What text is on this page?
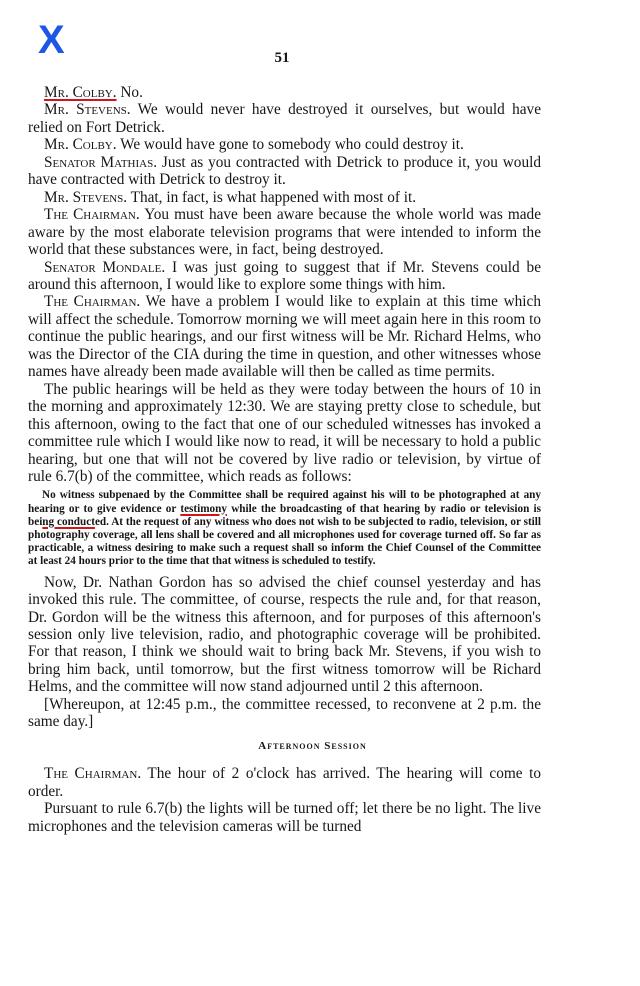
X	51

Mr. Colby. No.

Mr. Stevens. We would never have destroyed it ourselves, but would have relied on Fort Detrick.

Mr. Colby. We would have gone to somebody who could destroy it.

Senator Mathias. Just as you contracted with Detrick to produce it, you would have contracted with Detrick to destroy it.

Mr. Stevens. That, in fact, is what happened with most of it.

The Chairman. You must have been aware because the whole world was made aware by the most elaborate television programs that were intended to inform the world that these substances were, in fact, being destroyed.

Senator Mondale. I was just going to suggest that if Mr. Stevens could be around this afternoon, I would like to explore some things with him.

The Chairman. We have a problem I would like to explain at this time which will affect the schedule. Tomorrow morning we will meet again here in this room to continue the public hearings, and our first witness will be Mr. Richard Helms, who was the Director of the CIA during the time in question, and other witnesses whose names have already been made available will then be called as time permits.

The public hearings will be held as they were today between the hours of 10 in the morning and approximately 12:30. We are staying pretty close to schedule, but this afternoon, owing to the fact that one of our scheduled witnesses has invoked a committee rule which I would like now to read, it will be necessary to hold a public hearing, but one that will not be covered by live radio or television, by virtue of rule 6.7(b) of the committee, which reads as follows:

No witness subpenaed by the Committee shall be required against his will to be photographed at any hearing or to give evidence or testimony while the broadcasting of that hearing by radio or television is being conducted. At the request of any witness who does not wish to be subjected to radio, television, or still photography coverage, all lens shall be covered and all microphones used for coverage turned off. So far as practicable, a witness desiring to make such a request shall so inform the Chief Counsel of the Committee at least 24 hours prior to the time that that witness is scheduled to testify.

Now, Dr. Nathan Gordon has so advised the chief counsel yesterday and has invoked this rule. The committee, of course, respects the rule and, for that reason, Dr. Gordon will be the witness this afternoon, and for purposes of this afternoon's session only live television, radio, and photographic coverage will be prohibited. For that reason, I think we should wait to bring back Mr. Stevens, if you wish to bring him back, until tomorrow, but the first witness tomorrow will be Richard Helms, and the committee will now stand adjourned until 2 this afternoon.

[Whereupon, at 12:45 p.m., the committee recessed, to reconvene at 2 p.m. the same day.]

Afternoon Session

The Chairman. The hour of 2 o'clock has arrived. The hearing will come to order.

Pursuant to rule 6.7(b) the lights will be turned off; let there be no light. The live microphones and the television cameras will be turned
